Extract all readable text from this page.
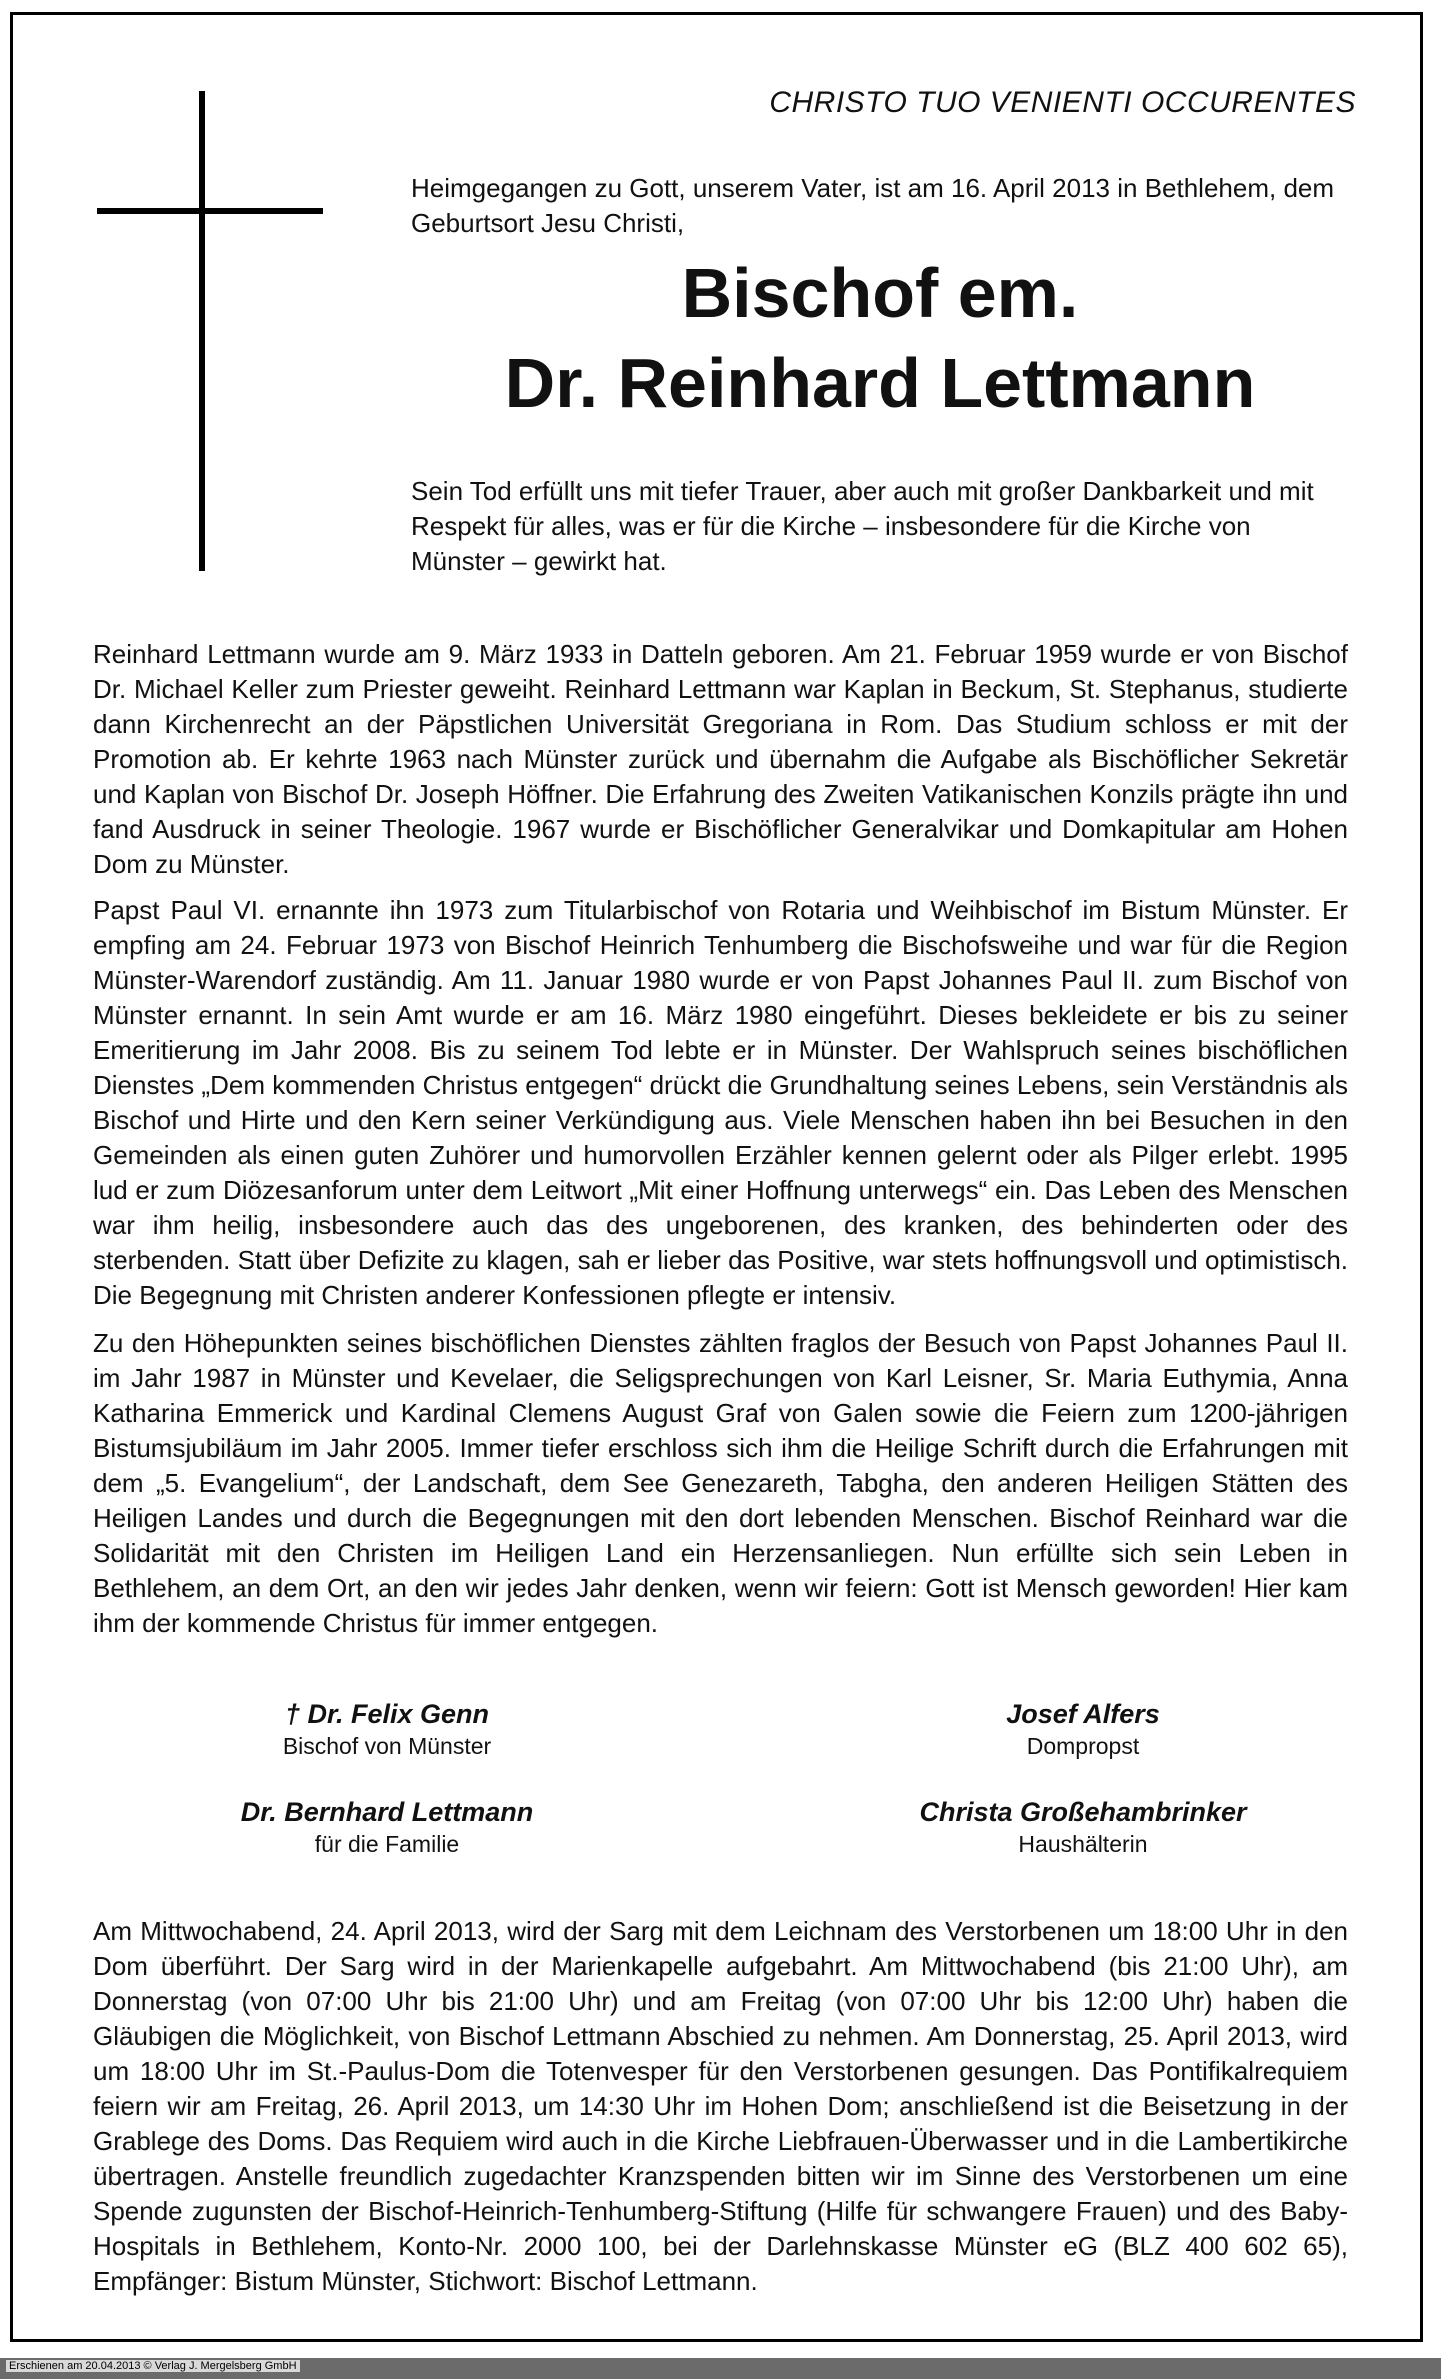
CHRISTO TUO VENIENTI OCCURENTES
Heimgegangen zu Gott, unserem Vater, ist am 16. April 2013 in Bethlehem, dem Geburtsort Jesu Christi,
Bischof em.
Dr. Reinhard Lettmann
Sein Tod erfüllt uns mit tiefer Trauer, aber auch mit großer Dankbarkeit und mit Respekt für alles, was er für die Kirche – insbesondere für die Kirche von Münster – gewirkt hat.

Reinhard Lettmann wurde am 9. März 1933 in Datteln geboren. Am 21. Februar 1959 wurde er von Bischof Dr. Michael Keller zum Priester geweiht. Reinhard Lettmann war Kaplan in Beckum, St. Stephanus, studierte dann Kirchenrecht an der Päpstlichen Universität Gregoriana in Rom. Das Studium schloss er mit der Promotion ab. Er kehrte 1963 nach Münster zurück und übernahm die Aufgabe als Bischöflicher Sekretär und Kaplan von Bischof Dr. Joseph Höffner. Die Erfahrung des Zweiten Vatikanischen Konzils prägte ihn und fand Ausdruck in seiner Theologie. 1967 wurde er Bischöflicher Generalvikar und Domkapitular am Hohen Dom zu Münster.

Papst Paul VI. ernannte ihn 1973 zum Titularbischof von Rotaria und Weihbischof im Bistum Münster. Er empfing am 24. Februar 1973 von Bischof Heinrich Tenhumberg die Bischofsweihe und war für die Region Münster-Warendorf zuständig. Am 11. Januar 1980 wurde er von Papst Johannes Paul II. zum Bischof von Münster ernannt. In sein Amt wurde er am 16. März 1980 eingeführt. Dieses bekleidete er bis zu seiner Emeritierung im Jahr 2008. Bis zu seinem Tod lebte er in Münster. Der Wahlspruch seines bischöflichen Dienstes „Dem kommenden Christus entgegen“ drückt die Grundhaltung seines Lebens, sein Verständnis als Bischof und Hirte und den Kern seiner Verkündigung aus. Viele Menschen haben ihn bei Besuchen in den Gemeinden als einen guten Zuhörer und humorvollen Erzähler kennen gelernt oder als Pilger erlebt. 1995 lud er zum Diözesanforum unter dem Leitwort „Mit einer Hoffnung unterwegs“ ein. Das Leben des Menschen war ihm heilig, insbesondere auch das des ungeborenen, des kranken, des behinderten oder des sterbenden. Statt über Defizite zu klagen, sah er lieber das Positive, war stets hoffnungsvoll und optimistisch. Die Begegnung mit Christen anderer Konfessionen pflegte er intensiv.

Zu den Höhepunkten seines bischöflichen Dienstes zählten fraglos der Besuch von Papst Johannes Paul II. im Jahr 1987 in Münster und Kevelaer, die Seligsprechungen von Karl Leisner, Sr. Maria Euthymia, Anna Katharina Emmerick und Kardinal Clemens August Graf von Galen sowie die Feiern zum 1200-jährigen Bistumsjubiläum im Jahr 2005. Immer tiefer erschloss sich ihm die Heilige Schrift durch die Erfahrungen mit dem „5. Evangelium“, der Landschaft, dem See Genezareth, Tabgha, den anderen Heiligen Stätten des Heiligen Landes und durch die Begegnungen mit den dort lebenden Menschen. Bischof Reinhard war die Solidarität mit den Christen im Heiligen Land ein Herzensanliegen. Nun erfüllte sich sein Leben in Bethlehem, an dem Ort, an den wir jedes Jahr denken, wenn wir feiern: Gott ist Mensch geworden! Hier kam ihm der kommende Christus für immer entgegen.

† Dr. Felix Genn
Bischof von Münster
Josef Alfers
Dompropst
Dr. Bernhard Lettmann
für die Familie
Christa Großehambrinker
Haushälterin

Am Mittwochabend, 24. April 2013, wird der Sarg mit dem Leichnam des Verstorbenen um 18:00 Uhr in den Dom überführt. Der Sarg wird in der Marienkapelle aufgebahrt. Am Mittwochabend (bis 21:00 Uhr), am Donnerstag (von 07:00 Uhr bis 21:00 Uhr) und am Freitag (von 07:00 Uhr bis 12:00 Uhr) haben die Gläubigen die Möglichkeit, von Bischof Lettmann Abschied zu nehmen. Am Donnerstag, 25. April 2013, wird um 18:00 Uhr im St.-Paulus-Dom die Totenvesper für den Verstorbenen gesungen. Das Pontifikalrequiem feiern wir am Freitag, 26. April 2013, um 14:30 Uhr im Hohen Dom; anschließend ist die Beisetzung in der Grablege des Doms. Das Requiem wird auch in die Kirche Liebfrauen-Überwasser und in die Lambertikirche übertragen. Anstelle freundlich zugedachter Kranzspenden bitten wir im Sinne des Verstorbenen um eine Spende zugunsten der Bischof-Heinrich-Tenhumberg-Stiftung (Hilfe für schwangere Frauen) und des Baby-Hospitals in Bethlehem, Konto-Nr. 2000 100, bei der Darlehnskasse Münster eG (BLZ 400 602 65), Empfänger: Bistum Münster, Stichwort: Bischof Lettmann.

Erschienen am 20.04.2013 © Verlag J. Mergelsberg GmbH
